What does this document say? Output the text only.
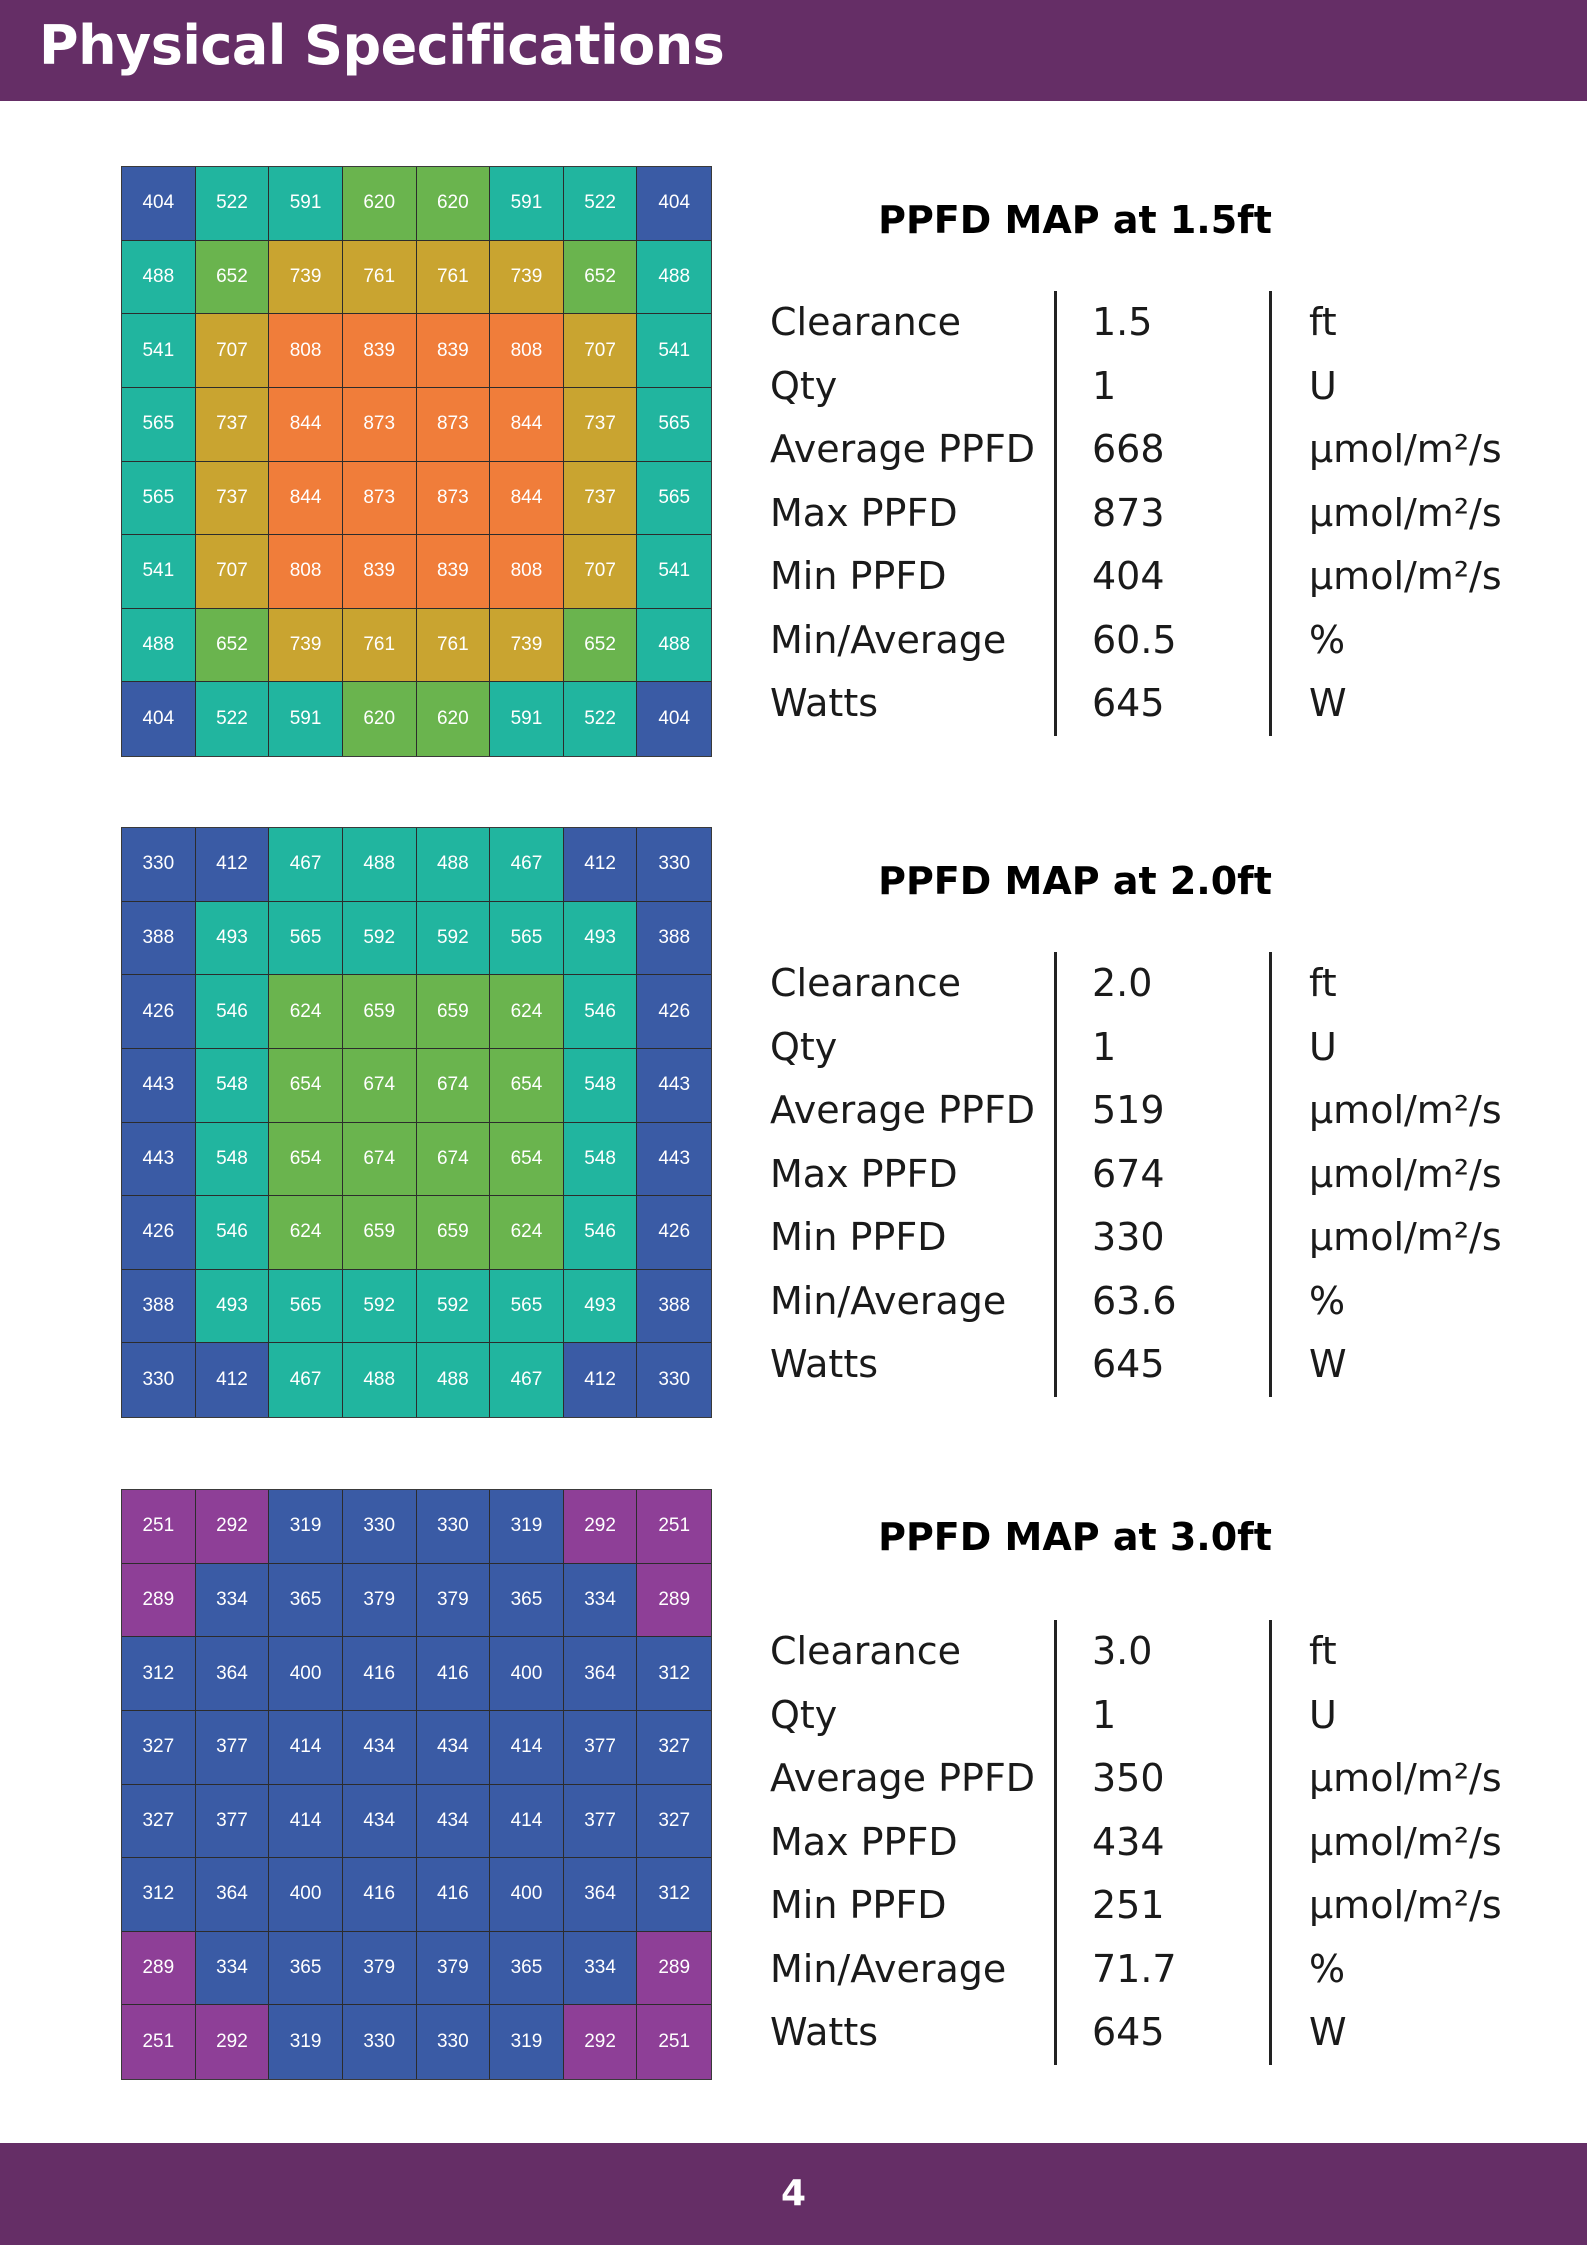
Physical Specifications
404	522	591	620	620	591	522	404
488	652	739	761	761	739	652	488
541	707	808	839	839	808	707	541
565	737	844	873	873	844	737	565
565	737	844	873	873	844	737	565
541	707	808	839	839	808	707	541
488	652	739	761	761	739	652	488
404	522	591	620	620	591	522	404
PPFD MAP at 1.5ft
Clearance	1.5	ft
Qty	1	U
Average PPFD 668	μmol/m²/s
Max PPFD	873	μmol/m²/s
Min PPFD	404	μmol/m²/s
Min/Average 60.5	%
Watts	645	W
330	412	467	488	488	467	412	330
388	493	565	592	592	565	493	388
426	546	624	659	659	624	546	426
443	548	654	674	674	654	548	443
443	548	654	674	674	654	548	443
426	546	624	659	659	624	546	426
388	493	565	592	592	565	493	388
330	412	467	488	488	467	412	330
PPFD MAP at 2.0ft
Clearance	2.0	ft
Qty	1	U
Average PPFD 519	μmol/m²/s
Max PPFD	674	μmol/m²/s
Min PPFD	330	μmol/m²/s
Min/Average 63.6	%
Watts	645	W
251	292	319	330	330	319	292	251
289	334	365	379	379	365	334	289
312	364	400	416	416	400	364	312
327	377	414	434	434	414	377	327
327	377	414	434	434	414	377	327
312	364	400	416	416	400	364	312
289	334	365	379	379	365	334	289
251	292	319	330	330	319	292	251
PPFD MAP at 3.0ft
Clearance	3.0	ft
Qty	1	U
Average PPFD 350	μmol/m²/s
Max PPFD	434	μmol/m²/s
Min PPFD	251	μmol/m²/s
Min/Average 71.7	%
Watts	645	W
4
